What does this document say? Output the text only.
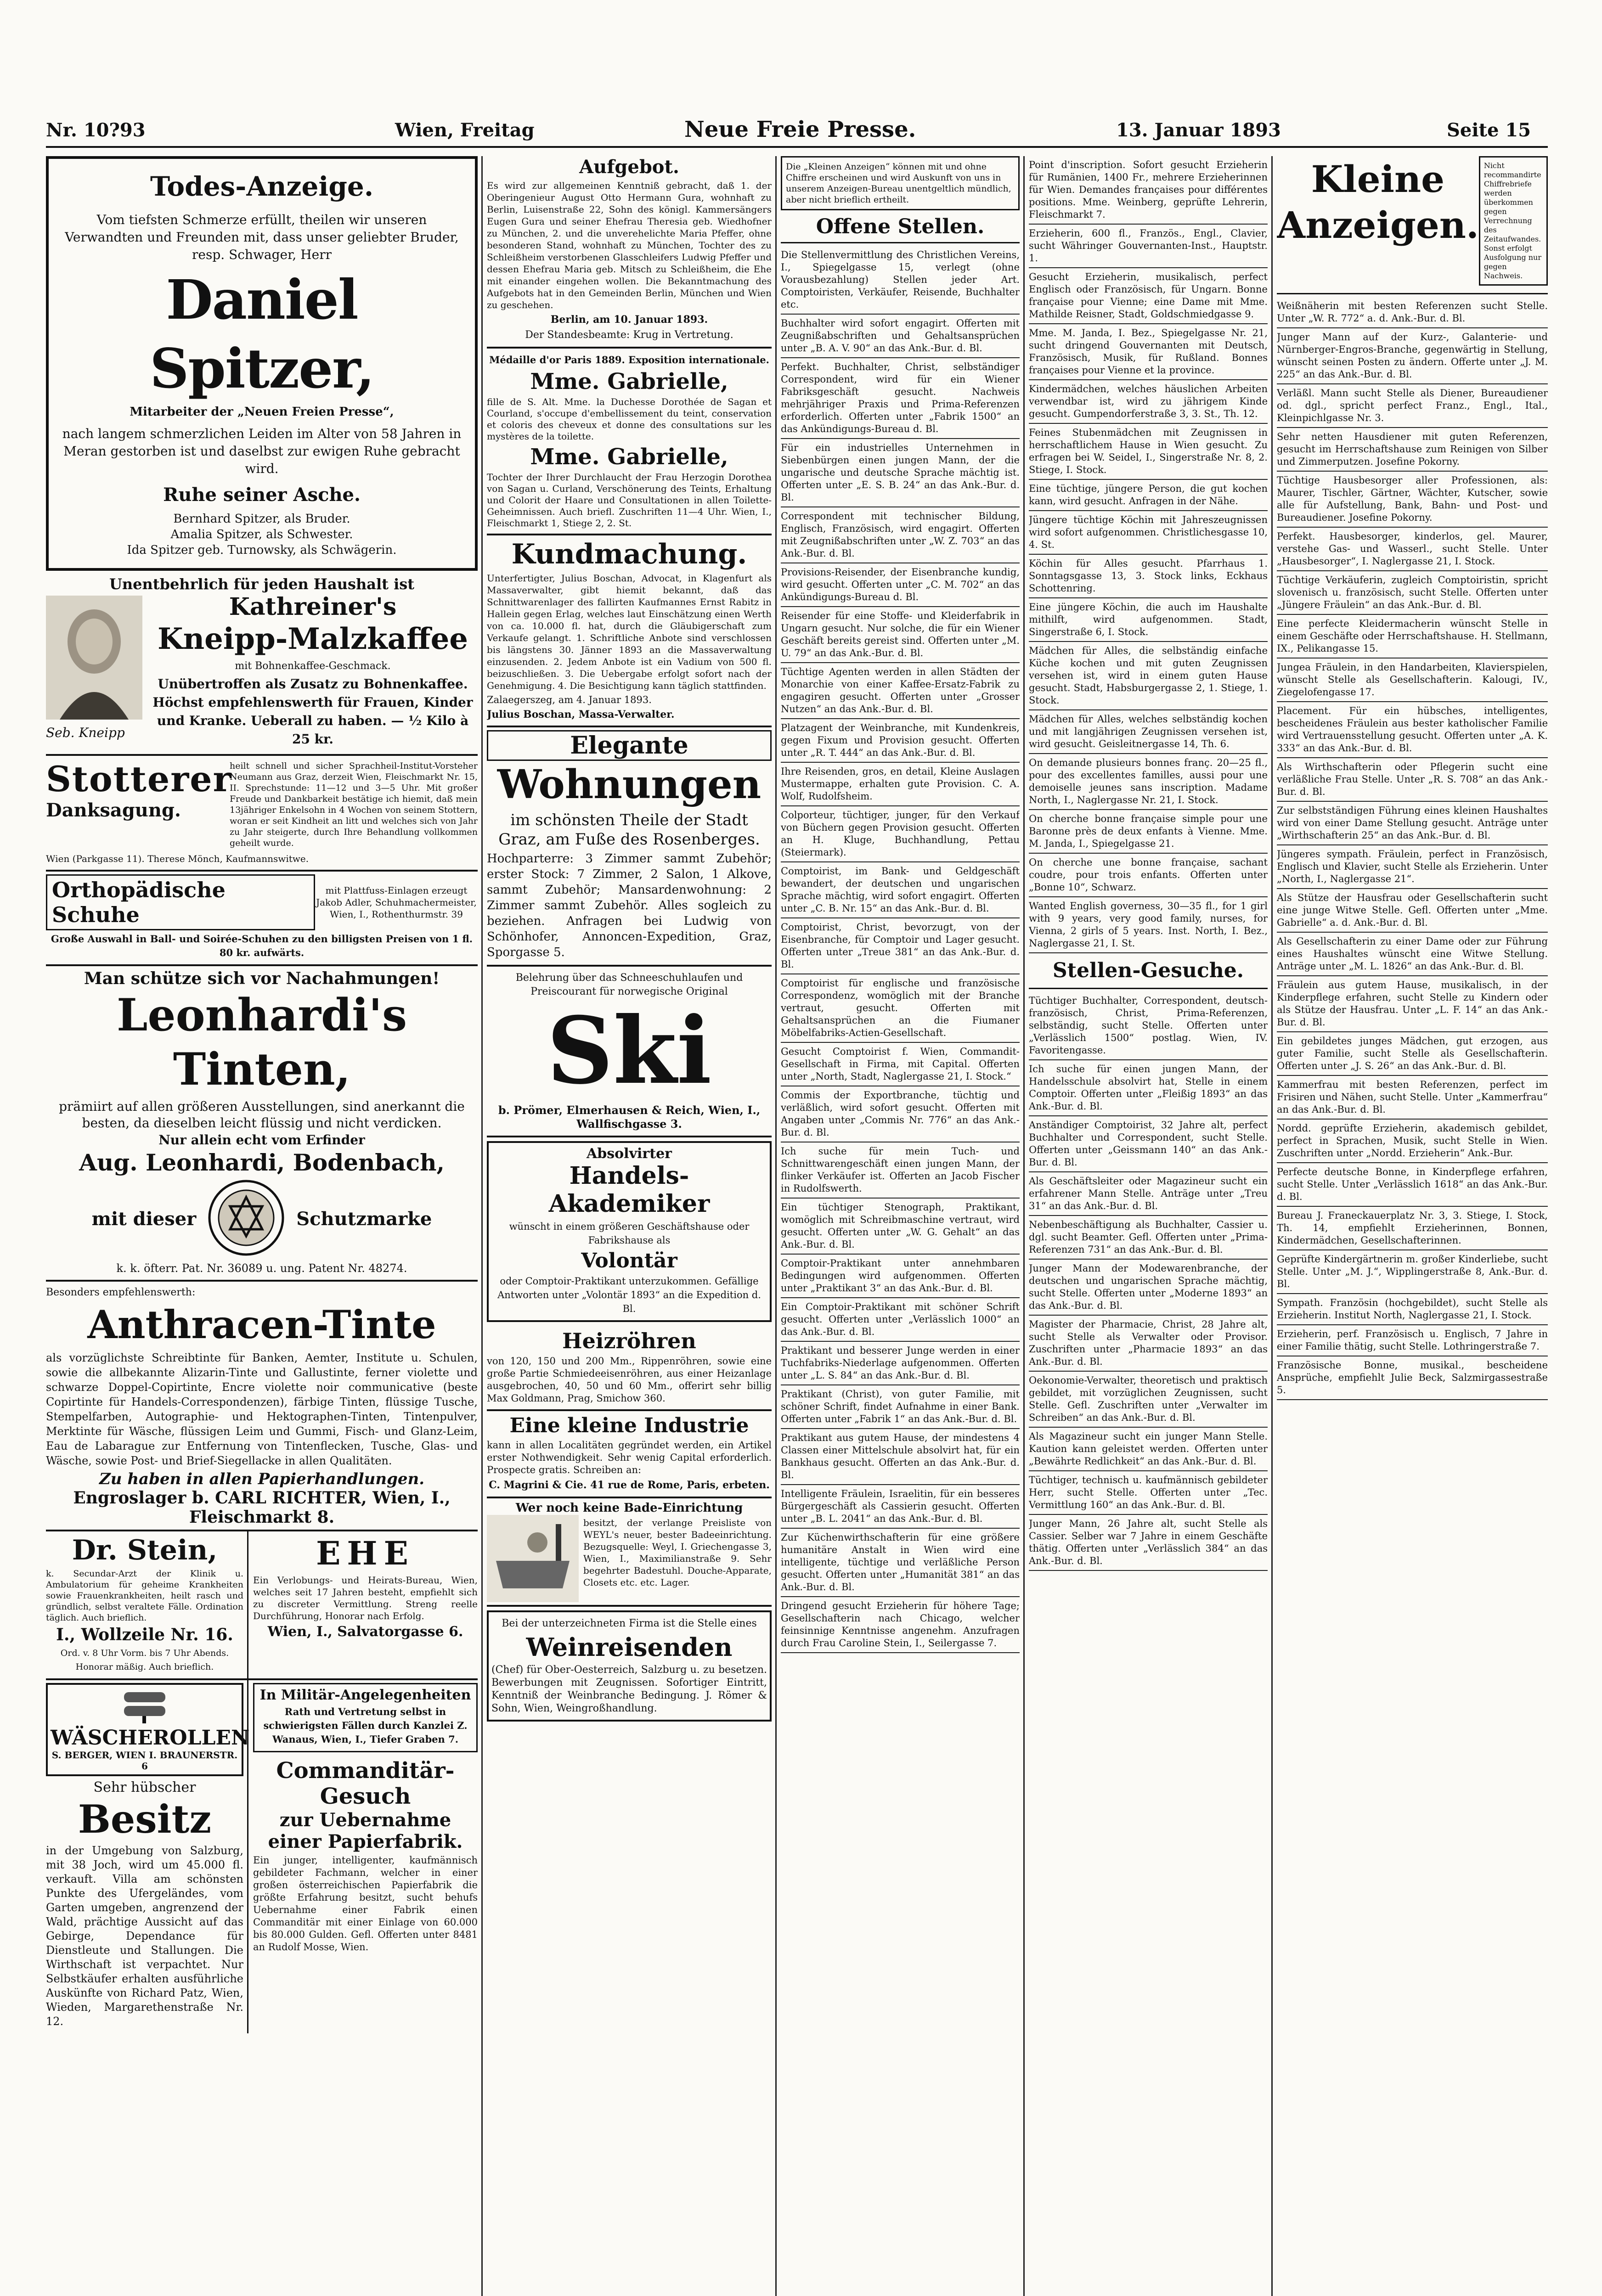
Nr. 10?93	Wien, Freitag	Neue Freie Presse.	13. Januar 1893	Seite 15
Todes-Anzeige.
Vom tiefsten Schmerze erfüllt, theilen wir unseren Verwandten und Freunden mit, dass unser geliebter Bruder, resp. Schwager, Herr
Daniel Spitzer,
Mitarbeiter der „Neuen Freien Presse“,
nach langem schmerzlichen Leiden im Alter von 58 Jahren in Meran gestorben ist und daselbst zur ewigen Ruhe gebracht wird.
Ruhe seiner Asche.
Bernhard Spitzer, als Bruder.
Amalia Spitzer, als Schwester.
Ida Spitzer geb. Turnowsky, als Schwägerin.
Unentbehrlich für jeden Haushalt ist
Seb. Kneipp
Kathreiner's
Kneipp-Malzkaffee
mit Bohnenkaffee-Geschmack.
Unübertroffen als Zusatz zu Bohnenkaffee. Höchst empfehlenswerth für Frauen, Kinder und Kranke. Ueberall zu haben. — ½ Kilo à 25 kr.
Stotterer
Danksagung.
heilt schnell und sicher Sprachheil-Institut-Vorsteher Neumann aus Graz, derzeit Wien, Fleischmarkt Nr. 15, II. Sprechstunde: 11—12 und 3—5 Uhr. Mit großer Freude und Dankbarkeit bestätige ich hiemit, daß mein 13jähriger Enkelsohn in 4 Wochen von seinem Stottern, woran er seit Kindheit an litt und welches sich von Jahr zu Jahr steigerte, durch Ihre Behandlung vollkommen geheilt wurde.
Wien (Parkgasse 11). Therese Mönch, Kaufmannswitwe.
Orthopädische Schuhe
mit Plattfuss-Einlagen erzeugt Jakob Adler, Schuhmachermeister, Wien, I., Rothenthurmstr. 39
Große Auswahl in Ball- und Soirée-Schuhen zu den billigsten Preisen von 1 fl. 80 kr. aufwärts.
Man schütze sich vor Nachahmungen!
Leonhardi's Tinten,
prämiirt auf allen größeren Ausstellungen, sind anerkannt die besten, da dieselben leicht flüssig und nicht verdicken.
Nur allein echt vom Erfinder
Aug. Leonhardi, Bodenbach,
mit dieser	Schutzmarke
k. k. öfterr. Pat. Nr. 36089 u. ung. Patent Nr. 48274.
Besonders empfehlenswerth:
Anthracen-Tinte
als vorzüglichste Schreibtinte für Banken, Aemter, Institute u. Schulen, sowie die allbekannte Alizarin-Tinte und Gallustinte, ferner violette und schwarze Doppel-Copirtinte, Encre violette noir communicative (beste Copirtinte für Handels-Correspondenzen), färbige Tinten, flüssige Tusche, Stempelfarben, Autographie- und Hektographen-Tinten, Tintenpulver, Merktinte für Wäsche, flüssigen Leim und Gummi, Fisch- und Glanz-Leim, Eau de Labarague zur Entfernung von Tintenflecken, Tusche, Glas- und Wäsche, sowie Post- und Brief-Siegellacke in allen Qualitäten.
Zu haben in allen Papierhandlungen.
Engroslager b. CARL RICHTER, Wien, I., Fleischmarkt 8.
Dr. Stein,
k. Secundar-Arzt der Klinik u. Ambulatorium für geheime Krankheiten sowie Frauenkrankheiten, heilt rasch und gründlich, selbst veraltete Fälle. Ordination täglich. Auch brieflich.
I., Wollzeile Nr. 16.
Ord. v. 8 Uhr Vorm. bis 7 Uhr Abends. Honorar mäßig. Auch brieflich.
EHE
Ein Verlobungs- und Heirats-Bureau, Wien, welches seit 17 Jahren besteht, empfiehlt sich zu discreter Vermittlung. Streng reelle Durchführung, Honorar nach Erfolg.
Wien, I., Salvatorgasse 6.
WÄSCHEROLLEN
S. BERGER, WIEN I. BRAUNERSTR. 6
Sehr hübscher
Besitz
in der Umgebung von Salzburg, mit 38 Joch, wird um 45.000 fl. verkauft. Villa am schönsten Punkte des Ufergeländes, vom Garten umgeben, angrenzend der Wald, prächtige Aussicht auf das Gebirge, Dependance für Dienstleute und Stallungen. Die Wirthschaft ist verpachtet. Nur Selbstkäufer erhalten ausführliche Auskünfte von Richard Patz, Wien, Wieden, Margarethenstraße Nr. 12.
In Militär-Angelegenheiten
Rath und Vertretung selbst in schwierigsten Fällen durch Kanzlei Z. Wanaus, Wien, I., Tiefer Graben 7.
Commanditär-Gesuch
zur Uebernahme einer Papierfabrik.
Ein junger, intelligenter, kaufmännisch gebildeter Fachmann, welcher in einer großen österreichischen Papierfabrik die größte Erfahrung besitzt, sucht behufs Uebernahme einer Fabrik einen Commanditär mit einer Einlage von 60.000 bis 80.000 Gulden. Gefl. Offerten unter 8481 an Rudolf Mosse, Wien.
Aufgebot.
Es wird zur allgemeinen Kenntniß gebracht, daß 1. der Oberingenieur August Otto Hermann Gura, wohnhaft zu Berlin, Luisenstraße 22, Sohn des königl. Kammersängers Eugen Gura und seiner Ehefrau Theresia geb. Wiedhofner zu München, 2. und die unverehelichte Maria Pfeffer, ohne besonderen Stand, wohnhaft zu München, Tochter des zu Schleißheim verstorbenen Glasschleifers Ludwig Pfeffer und dessen Ehefrau Maria geb. Mitsch zu Schleißheim, die Ehe mit einander eingehen wollen. Die Bekanntmachung des Aufgebots hat in den Gemeinden Berlin, München und Wien zu geschehen.
Berlin, am 10. Januar 1893.
Der Standesbeamte: Krug in Vertretung.
Médaille d'or Paris 1889. Exposition internationale.
Mme. Gabrielle,
fille de S. Alt. Mme. la Duchesse Dorothée de Sagan et Courland, s'occupe d'embellissement du teint, conservation et coloris des cheveux et donne des consultations sur les mystères de la toilette.
Mme. Gabrielle,
Tochter der Ihrer Durchlaucht der Frau Herzogin Dorothea von Sagan u. Curland, Verschönerung des Teints, Erhaltung und Colorit der Haare und Consultationen in allen Toilette-Geheimnissen. Auch briefl. Zuschriften 11—4 Uhr. Wien, I., Fleischmarkt 1, Stiege 2, 2. St.
Kundmachung.
Unterfertigter, Julius Boschan, Advocat, in Klagenfurt als Massaverwalter, gibt hiemit bekannt, daß das Schnittwarenlager des fallirten Kaufmannes Ernst Rabitz in Hallein gegen Erlag, welches laut Einschätzung einen Werth von ca. 10.000 fl. hat, durch die Gläubigerschaft zum Verkaufe gelangt. 1. Schriftliche Anbote sind verschlossen bis längstens 30. Jänner 1893 an die Massaverwaltung einzusenden. 2. Jedem Anbote ist ein Vadium von 500 fl. beizuschließen. 3. Die Uebergabe erfolgt sofort nach der Genehmigung. 4. Die Besichtigung kann täglich stattfinden.
Zalaegerszeg, am 4. Januar 1893.
Julius Boschan, Massa-Verwalter.
Elegante
Wohnungen
im schönsten Theile der Stadt Graz, am Fuße des Rosenberges.
Hochparterre: 3 Zimmer sammt Zubehör; erster Stock: 7 Zimmer, 2 Salon, 1 Alkove, sammt Zubehör; Mansardenwohnung: 2 Zimmer sammt Zubehör. Alles sogleich zu beziehen. Anfragen bei Ludwig von Schönhofer, Annoncen-Expedition, Graz, Sporgasse 5.
Belehrung über das Schneeschuhlaufen und Preiscourant für norwegische Original
Ski
b. Prömer, Elmerhausen & Reich, Wien, I., Wallfischgasse 3.
Absolvirter
Handels-Akademiker
wünscht in einem größeren Geschäftshause oder Fabrikshause als
Volontär
oder Comptoir-Praktikant unterzukommen. Gefällige Antworten unter „Volontär 1893“ an die Expedition d. Bl.
Heizröhren
von 120, 150 und 200 Mm., Rippenröhren, sowie eine große Partie Schmiedeeisenröhren, aus einer Heizanlage ausgebrochen, 40, 50 und 60 Mm., offerirt sehr billig Max Goldmann, Prag, Smichow 360.
Eine kleine Industrie
kann in allen Localitäten gegründet werden, ein Artikel erster Nothwendigkeit. Sehr wenig Capital erforderlich. Prospecte gratis. Schreiben an:
C. Magrini & Cie. 41 rue de Rome, Paris, erbeten.
Wer noch keine Bade-Einrichtung
besitzt, der verlange Preisliste von WEYL's neuer, bester Badeeinrichtung. Bezugsquelle: Weyl, I. Griechengasse 3, Wien, I., Maximilianstraße 9. Sehr begehrter Badestuhl. Douche-Apparate, Closets etc. etc. Lager.
Bei der unterzeichneten Firma ist die Stelle eines
Weinreisenden
(Chef) für Ober-Oesterreich, Salzburg u. zu besetzen. Bewerbungen mit Zeugnissen. Sofortiger Eintritt, Kenntniß der Weinbranche Bedingung. J. Römer & Sohn, Wien, Weingroßhandlung.
Die „Kleinen Anzeigen“ können mit und ohne Chiffre erscheinen und wird Auskunft von uns in unserem Anzeigen-Bureau unentgeltlich mündlich, aber nicht brieflich ertheilt.
Offene Stellen.
Die Stellenvermittlung des Christlichen Vereins, I., Spiegelgasse 15, verlegt (ohne Vorausbezahlung) Stellen jeder Art. Comptoiristen, Verkäufer, Reisende, Buchhalter etc.
Buchhalter wird sofort engagirt. Offerten mit Zeugnißabschriften und Gehaltsansprüchen unter „B. A. V. 90“ an das Ank.-Bur. d. Bl.
Perfekt. Buchhalter, Christ, selbständiger Correspondent, wird für ein Wiener Fabriksgeschäft gesucht. Nachweis mehrjähriger Praxis und Prima-Referenzen erforderlich. Offerten unter „Fabrik 1500“ an das Ankündigungs-Bureau d. Bl.
Für ein industrielles Unternehmen in Siebenbürgen einen jungen Mann, der die ungarische und deutsche Sprache mächtig ist. Offerten unter „E. S. B. 24“ an das Ank.-Bur. d. Bl.
Correspondent mit technischer Bildung, Englisch, Französisch, wird engagirt. Offerten mit Zeugnißabschriften unter „W. Z. 703“ an das Ank.-Bur. d. Bl.
Provisions-Reisender, der Eisenbranche kundig, wird gesucht. Offerten unter „C. M. 702“ an das Ankündigungs-Bureau d. Bl.
Reisender für eine Stoffe- und Kleiderfabrik in Ungarn gesucht. Nur solche, die für ein Wiener Geschäft bereits gereist sind. Offerten unter „M. U. 79“ an das Ank.-Bur. d. Bl.
Tüchtige Agenten werden in allen Städten der Monarchie von einer Kaffee-Ersatz-Fabrik zu engagiren gesucht. Offerten unter „Grosser Nutzen“ an das Ank.-Bur. d. Bl.
Platzagent der Weinbranche, mit Kundenkreis, gegen Fixum und Provision gesucht. Offerten unter „R. T. 444“ an das Ank.-Bur. d. Bl.
Ihre Reisenden, gros, en detail, Kleine Auslagen Mustermappe, erhalten gute Provision. C. A. Wolf, Rudolfsheim.
Colporteur, tüchtiger, junger, für den Verkauf von Büchern gegen Provision gesucht. Offerten an H. Kluge, Buchhandlung, Pettau (Steiermark).
Comptoirist, im Bank- und Geldgeschäft bewandert, der deutschen und ungarischen Sprache mächtig, wird sofort engagirt. Offerten unter „C. B. Nr. 15“ an das Ank.-Bur. d. Bl.
Comptoirist, Christ, bevorzugt, von der Eisenbranche, für Comptoir und Lager gesucht. Offerten unter „Treue 381“ an das Ank.-Bur. d. Bl.
Comptoirist für englische und französische Correspondenz, womöglich mit der Branche vertraut, gesucht. Offerten mit Gehaltsansprüchen an die Fiumaner Möbelfabriks-Actien-Gesellschaft.
Gesucht Comptoirist f. Wien, Commandit-Gesellschaft in Firma, mit Capital. Offerten unter „North, Stadt, Naglergasse 21, I. Stock.“
Commis der Exportbranche, tüchtig und verläßlich, wird sofort gesucht. Offerten mit Angaben unter „Commis Nr. 776“ an das Ank.-Bur. d. Bl.
Ich suche für mein Tuch- und Schnittwarengeschäft einen jungen Mann, der flinker Verkäufer ist. Offerten an Jacob Fischer in Rudolfswerth.
Ein tüchtiger Stenograph, Praktikant, womöglich mit Schreibmaschine vertraut, wird gesucht. Offerten unter „W. G. Gehalt“ an das Ank.-Bur. d. Bl.
Comptoir-Praktikant unter annehmbaren Bedingungen wird aufgenommen. Offerten unter „Praktikant 3“ an das Ank.-Bur. d. Bl.
Ein Comptoir-Praktikant mit schöner Schrift gesucht. Offerten unter „Verlässlich 1000“ an das Ank.-Bur. d. Bl.
Praktikant und besserer Junge werden in einer Tuchfabriks-Niederlage aufgenommen. Offerten unter „L. S. 84“ an das Ank.-Bur. d. Bl.
Praktikant (Christ), von guter Familie, mit schöner Schrift, findet Aufnahme in einer Bank. Offerten unter „Fabrik 1“ an das Ank.-Bur. d. Bl.
Praktikant aus gutem Hause, der mindestens 4 Classen einer Mittelschule absolvirt hat, für ein Bankhaus gesucht. Offerten an das Ank.-Bur. d. Bl.
Intelligente Fräulein, Israelitin, für ein besseres Bürgergeschäft als Cassierin gesucht. Offerten unter „B. L. 2041“ an das Ank.-Bur. d. Bl.
Zur Küchenwirthschafterin für eine größere humanitäre Anstalt in Wien wird eine intelligente, tüchtige und verläßliche Person gesucht. Offerten unter „Humanität 381“ an das Ank.-Bur. d. Bl.
Dringend gesucht Erzieherin für höhere Tage; Gesellschafterin nach Chicago, welcher feinsinnige Kenntnisse angenehm. Anzufragen durch Frau Caroline Stein, I., Seilergasse 7.
Point d'inscription. Sofort gesucht Erzieherin für Rumänien, 1400 Fr., mehrere Erzieherinnen für Wien. Demandes françaises pour différentes positions. Mme. Weinberg, geprüfte Lehrerin, Fleischmarkt 7.
Erzieherin, 600 fl., Französ., Engl., Clavier, sucht Währinger Gouvernanten-Inst., Hauptstr. 1.
Gesucht Erzieherin, musikalisch, perfect Englisch oder Französisch, für Ungarn. Bonne française pour Vienne; eine Dame mit Mme. Mathilde Reisner, Stadt, Goldschmiedgasse 9.
Mme. M. Janda, I. Bez., Spiegelgasse Nr. 21, sucht dringend Gouvernanten mit Deutsch, Französisch, Musik, für Rußland. Bonnes françaises pour Vienne et la province.
Kindermädchen, welches häuslichen Arbeiten verwendbar ist, wird zu jährigem Kinde gesucht. Gumpendorferstraße 3, 3. St., Th. 12.
Feines Stubenmädchen mit Zeugnissen in herrschaftlichem Hause in Wien gesucht. Zu erfragen bei W. Seidel, I., Singerstraße Nr. 8, 2. Stiege, I. Stock.
Eine tüchtige, jüngere Person, die gut kochen kann, wird gesucht. Anfragen in der Nähe.
Jüngere tüchtige Köchin mit Jahreszeugnissen wird sofort aufgenommen. Christlichesgasse 10, 4. St.
Köchin für Alles gesucht. Pfarrhaus 1. Sonntagsgasse 13, 3. Stock links, Eckhaus Schottenring.
Eine jüngere Köchin, die auch im Haushalte mithilft, wird aufgenommen. Stadt, Singerstraße 6, I. Stock.
Mädchen für Alles, die selbständig einfache Küche kochen und mit guten Zeugnissen versehen ist, wird in einem guten Hause gesucht. Stadt, Habsburgergasse 2, 1. Stiege, 1. Stock.
Mädchen für Alles, welches selbständig kochen und mit langjährigen Zeugnissen versehen ist, wird gesucht. Geisleitnergasse 14, Th. 6.
On demande plusieurs bonnes franç. 20—25 fl., pour des excellentes familles, aussi pour une demoiselle jeunes sans inscription. Madame North, I., Naglergasse Nr. 21, I. Stock.
On cherche bonne française simple pour une Baronne près de deux enfants à Vienne. Mme. M. Janda, I., Spiegelgasse 21.
On cherche une bonne française, sachant coudre, pour trois enfants. Offerten unter „Bonne 10“, Schwarz.
Wanted English governess, 30—35 fl., for 1 girl with 9 years, very good family, nurses, for Vienna, 2 girls of 5 years. Inst. North, I. Bez., Naglergasse 21, I. St.
Stellen-Gesuche.
Tüchtiger Buchhalter, Correspondent, deutsch-französisch, Christ, Prima-Referenzen, selbständig, sucht Stelle. Offerten unter „Verlässlich 1500“ postlag. Wien, IV. Favoritengasse.
Ich suche für einen jungen Mann, der Handelsschule absolvirt hat, Stelle in einem Comptoir. Offerten unter „Fleißig 1893“ an das Ank.-Bur. d. Bl.
Anständiger Comptoirist, 32 Jahre alt, perfect Buchhalter und Correspondent, sucht Stelle. Offerten unter „Geissmann 140“ an das Ank.-Bur. d. Bl.
Als Geschäftsleiter oder Magazineur sucht ein erfahrener Mann Stelle. Anträge unter „Treu 31“ an das Ank.-Bur. d. Bl.
Nebenbeschäftigung als Buchhalter, Cassier u. dgl. sucht Beamter. Gefl. Offerten unter „Prima-Referenzen 731“ an das Ank.-Bur. d. Bl.
Junger Mann der Modewarenbranche, der deutschen und ungarischen Sprache mächtig, sucht Stelle. Offerten unter „Moderne 1893“ an das Ank.-Bur. d. Bl.
Magister der Pharmacie, Christ, 28 Jahre alt, sucht Stelle als Verwalter oder Provisor. Zuschriften unter „Pharmacie 1893“ an das Ank.-Bur. d. Bl.
Oekonomie-Verwalter, theoretisch und praktisch gebildet, mit vorzüglichen Zeugnissen, sucht Stelle. Gefl. Zuschriften unter „Verwalter im Schreiben“ an das Ank.-Bur. d. Bl.
Als Magazineur sucht ein junger Mann Stelle. Kaution kann geleistet werden. Offerten unter „Bewährte Redlichkeit“ an das Ank.-Bur. d. Bl.
Tüchtiger, technisch u. kaufmännisch gebildeter Herr, sucht Stelle. Offerten unter „Tec. Vermittlung 160“ an das Ank.-Bur. d. Bl.
Junger Mann, 26 Jahre alt, sucht Stelle als Cassier. Selber war 7 Jahre in einem Geschäfte thätig. Offerten unter „Verlässlich 384“ an das Ank.-Bur. d. Bl.
Kleine Anzeigen.
Nicht recommandirte Chiffrebriefe werden überkommen gegen Verrechnung des Zeitaufwandes. Sonst erfolgt Ausfolgung nur gegen Nachweis.
Weißnäherin mit besten Referenzen sucht Stelle. Unter „W. R. 772“ a. d. Ank.-Bur. d. Bl.
Junger Mann auf der Kurz-, Galanterie- und Nürnberger-Engros-Branche, gegenwärtig in Stellung, wünscht seinen Posten zu ändern. Offerte unter „J. M. 225“ an das Ank.-Bur. d. Bl.
Verläßl. Mann sucht Stelle als Diener, Bureaudiener od. dgl., spricht perfect Franz., Engl., Ital., Kleinpichlgasse Nr. 3.
Sehr netten Hausdiener mit guten Referenzen, gesucht im Herrschaftshause zum Reinigen von Silber und Zimmerputzen. Josefine Pokorny.
Tüchtige Hausbesorger aller Professionen, als: Maurer, Tischler, Gärtner, Wächter, Kutscher, sowie alle für Aufstellung, Bank, Bahn- und Post- und Bureaudiener. Josefine Pokorny.
Perfekt. Hausbesorger, kinderlos, gel. Maurer, verstehe Gas- und Wasserl., sucht Stelle. Unter „Hausbesorger“, I. Naglergasse 21, I. Stock.
Tüchtige Verkäuferin, zugleich Comptoiristin, spricht slovenisch u. französisch, sucht Stelle. Offerten unter „Jüngere Fräulein“ an das Ank.-Bur. d. Bl.
Eine perfecte Kleidermacherin wünscht Stelle in einem Geschäfte oder Herrschaftshause. H. Stellmann, IX., Pelikangasse 15.
Jungea Fräulein, in den Handarbeiten, Klavierspielen, wünscht Stelle als Gesellschafterin. Kalougi, IV., Ziegelofengasse 17.
Placement. Für ein hübsches, intelligentes, bescheidenes Fräulein aus bester katholischer Familie wird Vertrauensstellung gesucht. Offerten unter „A. K. 333“ an das Ank.-Bur. d. Bl.
Als Wirthschafterin oder Pflegerin sucht eine verläßliche Frau Stelle. Unter „R. S. 708“ an das Ank.-Bur. d. Bl.
Zur selbstständigen Führung eines kleinen Haushaltes wird von einer Dame Stellung gesucht. Anträge unter „Wirthschafterin 25“ an das Ank.-Bur. d. Bl.
Jüngeres sympath. Fräulein, perfect in Französisch, Englisch und Klavier, sucht Stelle als Erzieherin. Unter „North, I., Naglergasse 21“.
Als Stütze der Hausfrau oder Gesellschafterin sucht eine junge Witwe Stelle. Gefl. Offerten unter „Mme. Gabrielle“ a. d. Ank.-Bur. d. Bl.
Als Gesellschafterin zu einer Dame oder zur Führung eines Haushaltes wünscht eine Witwe Stellung. Anträge unter „M. L. 1826“ an das Ank.-Bur. d. Bl.
Fräulein aus gutem Hause, musikalisch, in der Kinderpflege erfahren, sucht Stelle zu Kindern oder als Stütze der Hausfrau. Unter „L. F. 14“ an das Ank.-Bur. d. Bl.
Ein gebildetes junges Mädchen, gut erzogen, aus guter Familie, sucht Stelle als Gesellschafterin. Offerten unter „J. S. 26“ an das Ank.-Bur. d. Bl.
Kammerfrau mit besten Referenzen, perfect im Frisiren und Nähen, sucht Stelle. Unter „Kammerfrau“ an das Ank.-Bur. d. Bl.
Nordd. geprüfte Erzieherin, akademisch gebildet, perfect in Sprachen, Musik, sucht Stelle in Wien. Zuschriften unter „Nordd. Erzieherin“ Ank.-Bur.
Perfecte deutsche Bonne, in Kinderpflege erfahren, sucht Stelle. Unter „Verlässlich 1618“ an das Ank.-Bur. d. Bl.
Bureau J. Franeckauerplatz Nr. 3, 3. Stiege, I. Stock, Th. 14, empfiehlt Erzieherinnen, Bonnen, Kindermädchen, Gesellschafterinnen.
Geprüfte Kindergärtnerin m. großer Kinderliebe, sucht Stelle. Unter „M. J.“, Wipplingerstraße 8, Ank.-Bur. d. Bl.
Sympath. Französin (hochgebildet), sucht Stelle als Erzieherin. Institut North, Naglergasse 21, I. Stock.
Erzieherin, perf. Französisch u. Englisch, 7 Jahre in einer Familie thätig, sucht Stelle. Lothringerstraße 7.
Französische Bonne, musikal., bescheidene Ansprüche, empfiehlt Julie Beck, Salzmirgassestraße 5.
